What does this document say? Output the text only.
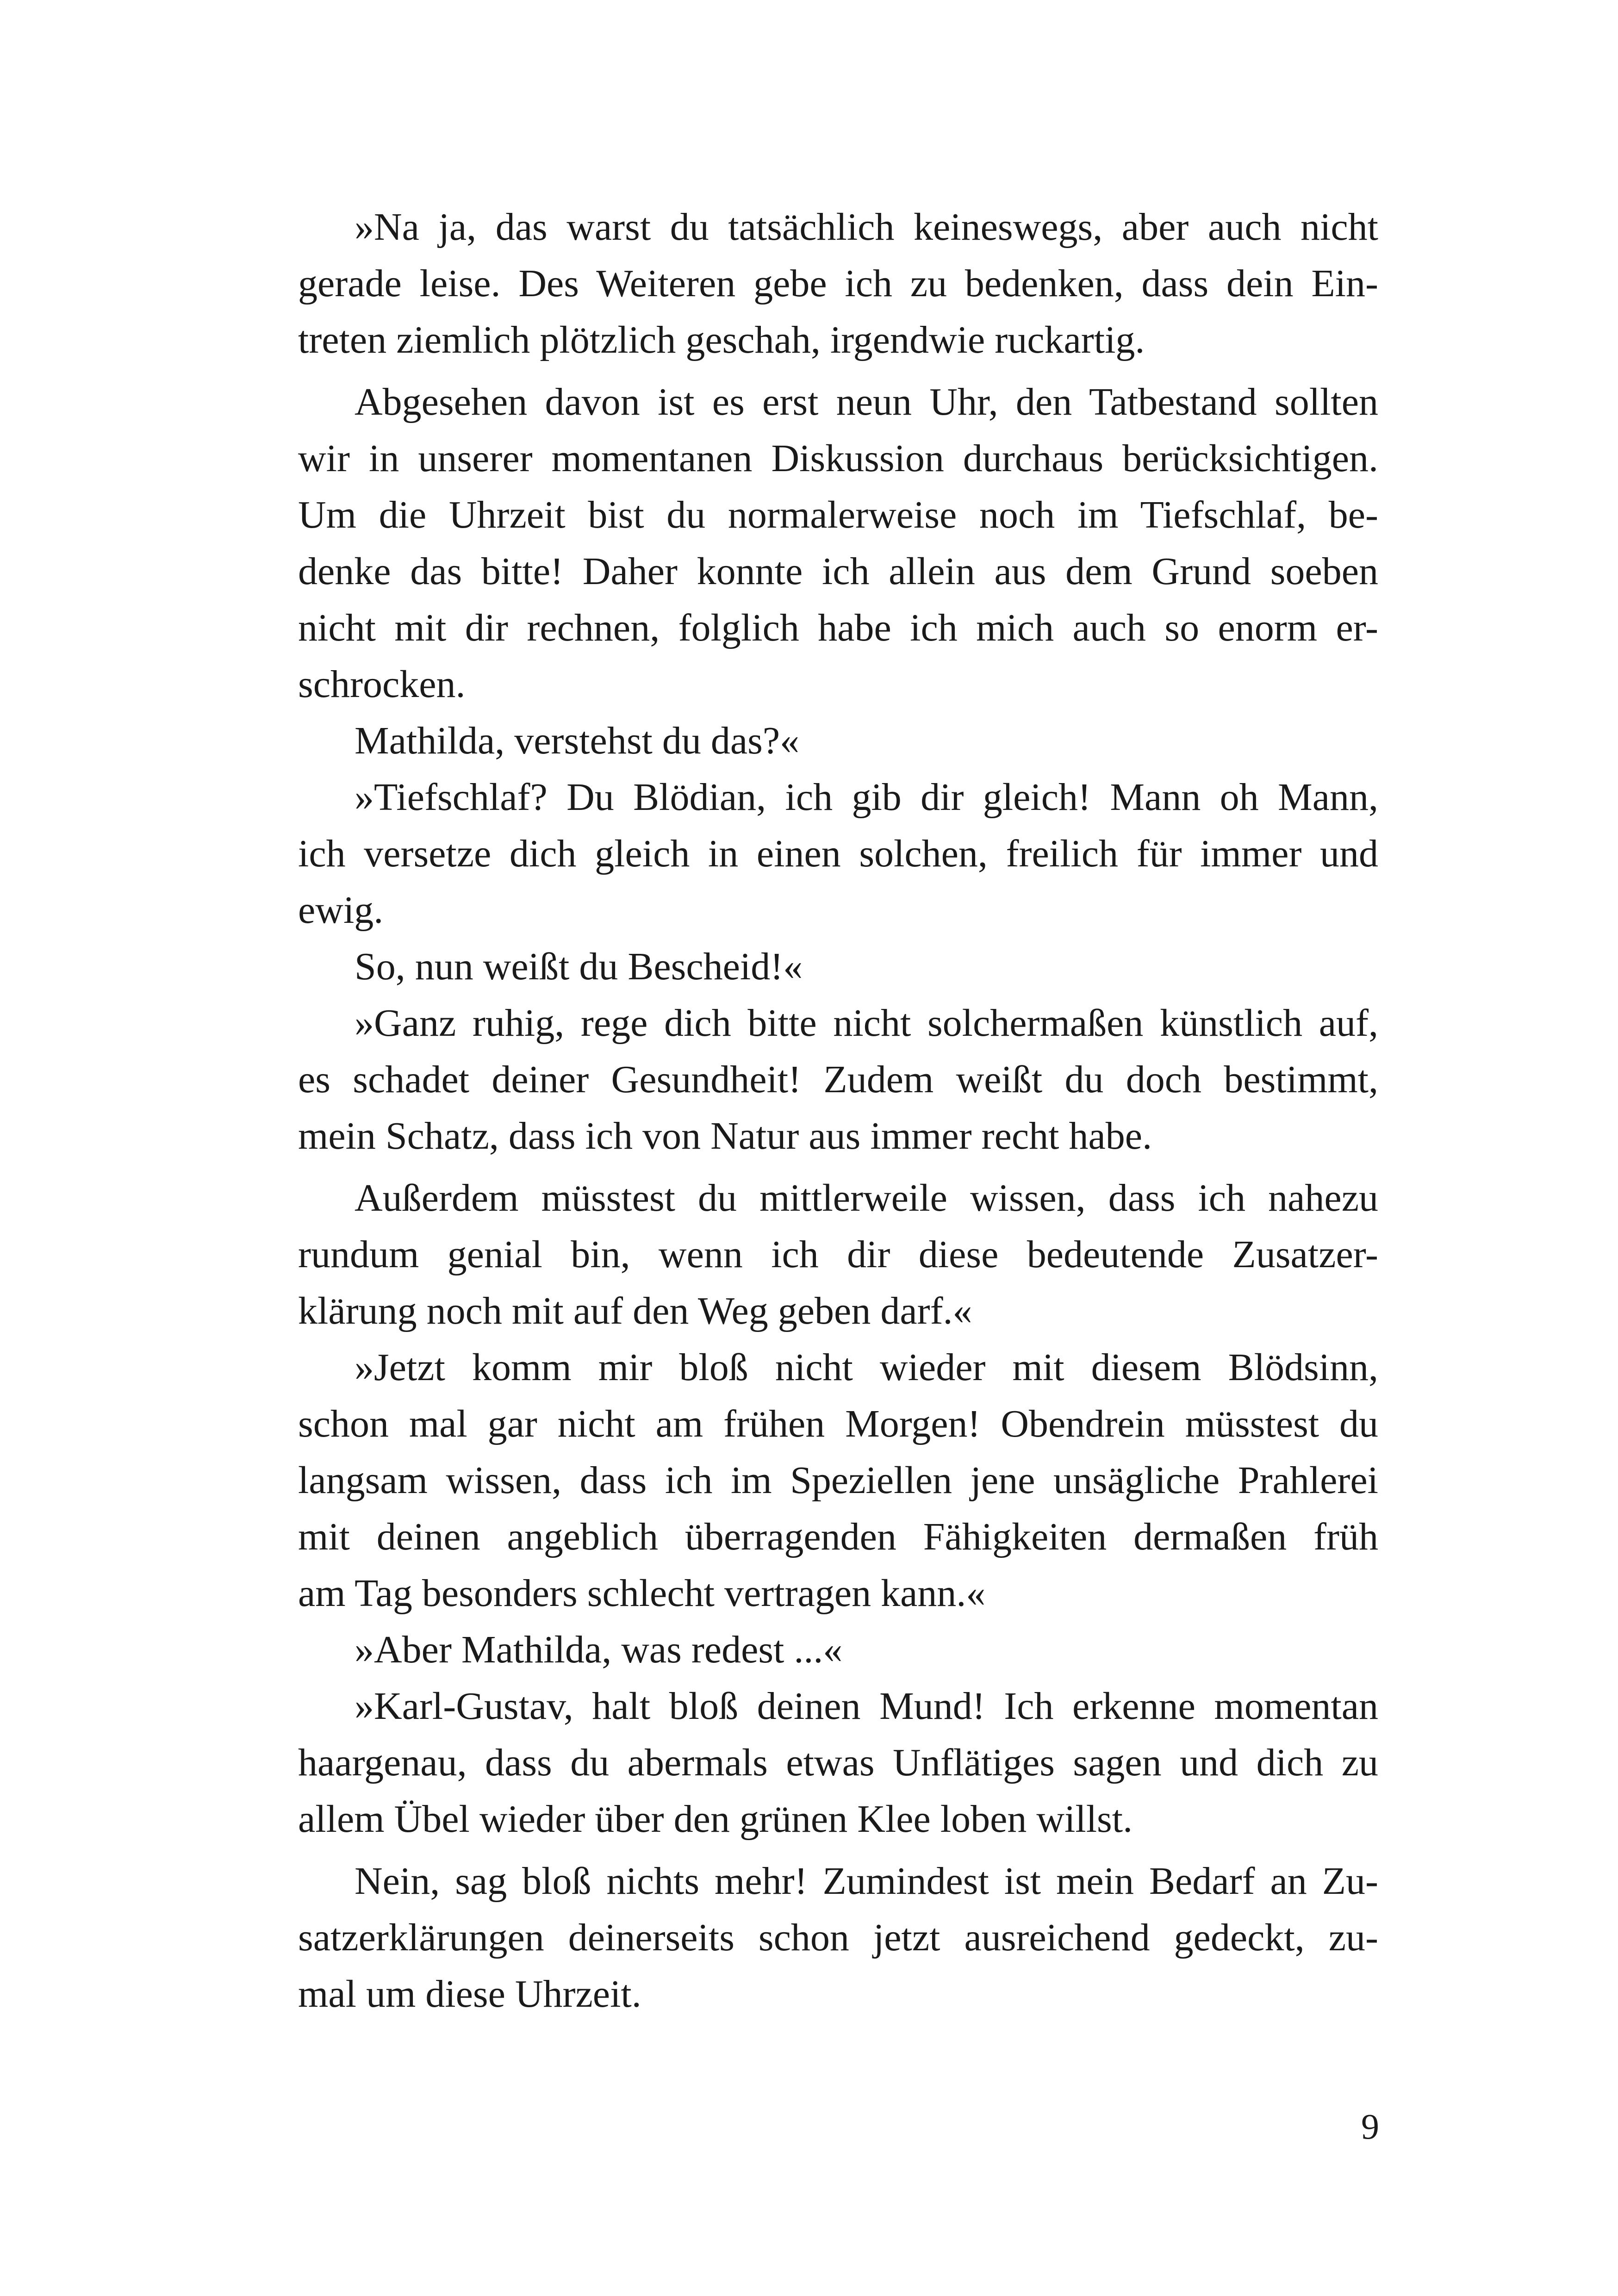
»Na ja, das warst du tatsächlich keineswegs, aber auch nicht
gerade leise. Des Weiteren gebe ich zu bedenken, dass dein Ein-
treten ziemlich plötzlich geschah, irgendwie ruckartig.

Abgesehen davon ist es erst neun Uhr, den Tatbestand sollten
wir in unserer momentanen Diskussion durchaus berücksichtigen.
Um die Uhrzeit bist du normalerweise noch im Tiefschlaf, be-
denke das bitte! Daher konnte ich allein aus dem Grund soeben
nicht mit dir rechnen, folglich habe ich mich auch so enorm er-
schrocken.

Mathilda, verstehst du das?«

»Tiefschlaf? Du Blödian, ich gib dir gleich! Mann oh Mann,
ich versetze dich gleich in einen solchen, freilich für immer und
ewig.

So, nun weißt du Bescheid!«

»Ganz ruhig, rege dich bitte nicht solchermaßen künstlich auf,
es schadet deiner Gesundheit! Zudem weißt du doch bestimmt,
mein Schatz, dass ich von Natur aus immer recht habe.

Außerdem müsstest du mittlerweile wissen, dass ich nahezu
rundum genial bin, wenn ich dir diese bedeutende Zusatzer-
klärung noch mit auf den Weg geben darf.«

»Jetzt komm mir bloß nicht wieder mit diesem Blödsinn,
schon mal gar nicht am frühen Morgen! Obendrein müsstest du
langsam wissen, dass ich im Speziellen jene unsägliche Prahlerei
mit deinen angeblich überragenden Fähigkeiten dermaßen früh
am Tag besonders schlecht vertragen kann.«

»Aber Mathilda, was redest ...«

»Karl-Gustav, halt bloß deinen Mund! Ich erkenne momentan
haargenau, dass du abermals etwas Unflätiges sagen und dich zu
allem Übel wieder über den grünen Klee loben willst.

Nein, sag bloß nichts mehr! Zumindest ist mein Bedarf an Zu-
satzerklärungen deinerseits schon jetzt ausreichend gedeckt, zu-
mal um diese Uhrzeit.

9
